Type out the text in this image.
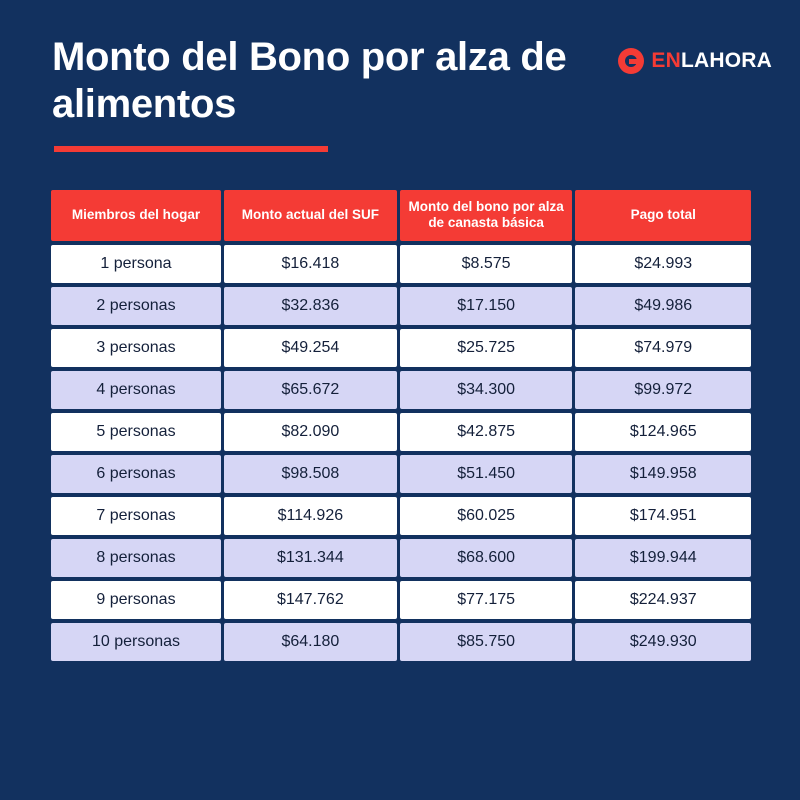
Monto del Bono por alza de alimentos
ENLAHORA
Miembros del hogar	Monto actual del SUF	Monto del bono por alza de canasta básica	Pago total
1 persona	$16.418	$8.575	$24.993
2 personas	$32.836	$17.150	$49.986
3 personas	$49.254	$25.725	$74.979
4 personas	$65.672	$34.300	$99.972
5 personas	$82.090	$42.875	$124.965
6 personas	$98.508	$51.450	$149.958
7 personas	$114.926	$60.025	$174.951
8 personas	$131.344	$68.600	$199.944
9 personas	$147.762	$77.175	$224.937
10 personas	$64.180	$85.750	$249.930
